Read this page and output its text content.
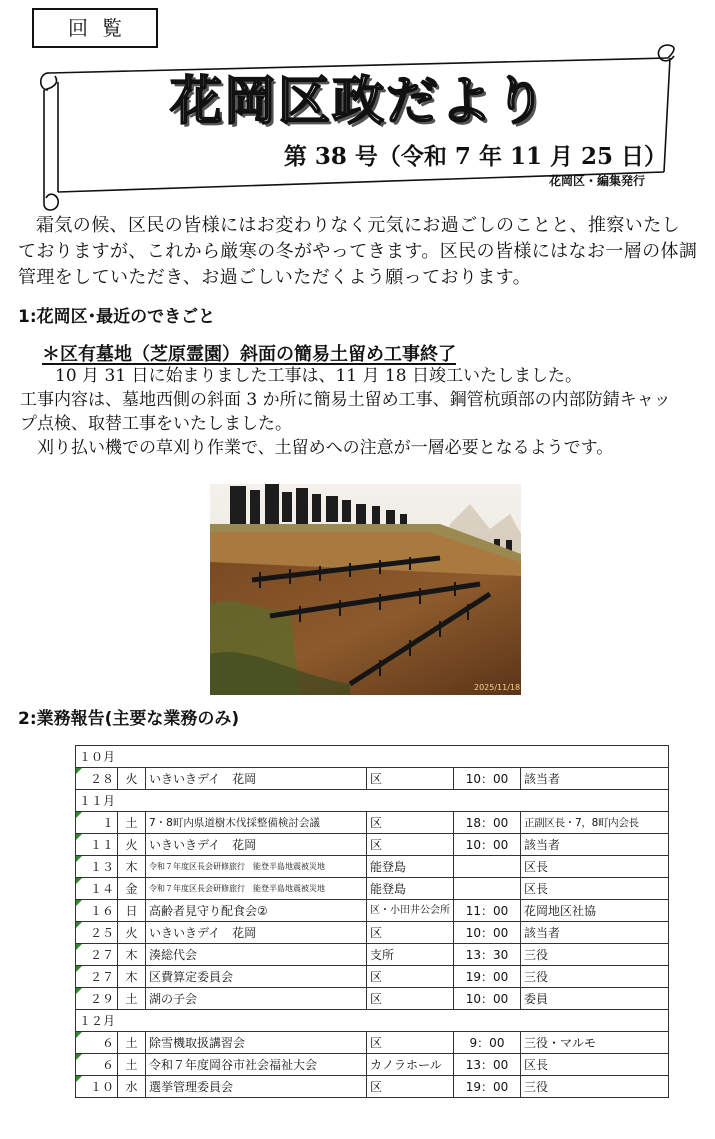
回覧
花岡区政だより
第 38 号（令和 7 年 11 月 25 日）
花岡区・編集発行

霜気の候、区民の皆様にはお変わりなく元気にお過ごしのことと、推察いたしておりますが、これから厳寒の冬がやってきます。区民の皆様にはなお一層の体調管理をしていただき、お過ごしいただくよう願っております。

1:花岡区･最近のできごと
＊区有墓地（芝原霊園）斜面の簡易土留め工事終了

　10 月 31 日に始まりました工事は、11 月 18 日竣工いたしました。

工事内容は、墓地西側の斜面 3 か所に簡易土留め工事、鋼管杭頭部の内部防錆キャップ点検、取替工事をいたしました。

　刈り払い機での草刈り作業で、土留めへの注意が一層必要となるようです。

2025/11/18
2:業務報告(主要な業務のみ)
１０月					
２８	火	いきいきデイ　花岡	区	10：00	該当者
１１月					
１	土	7・8町内県道樹木伐採整備検討会議	区	18：00	正副区長・7，8町内会長
１１	火	いきいきデイ　花岡	区	10：00	該当者
１３	木	令和７年度区長会研修旅行　能登半島地震被災地	能登島		区長
１４	金	令和７年度区長会研修旅行　能登半島地震被災地	能登島		区長
１６	日	高齢者見守り配食会②	区・小田井公会所	11：00	花岡地区社協
２５	火	いきいきデイ　花岡	区	10：00	該当者
２７	木	湊総代会	支所	13：30	三役
２７	木	区費算定委員会	区	19：00	三役
２９	土	湖の子会	区	10：00	委員
１２月					
６	土	除雪機取扱講習会	区	9：00	三役・マルモ
６	土	令和７年度岡谷市社会福祉大会	カノラホール	13：00	区長
１０	水	選挙管理委員会	区	19：00	三役
